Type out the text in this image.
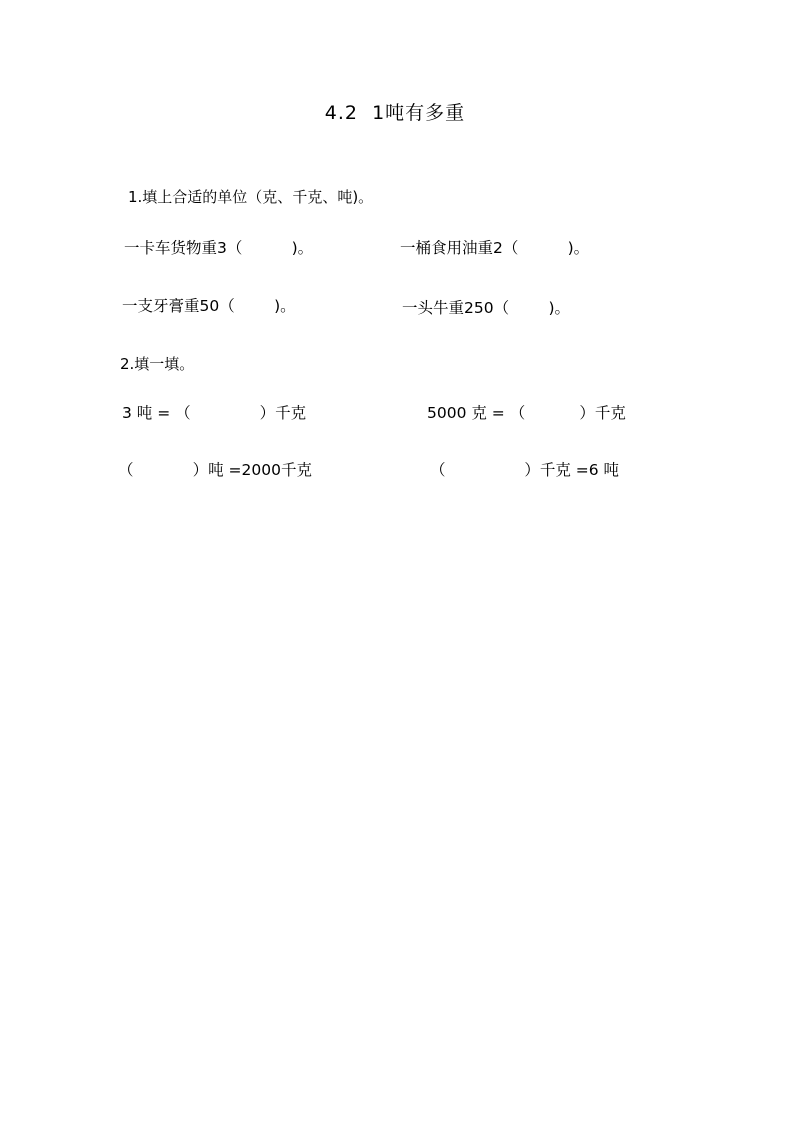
4.2  1吨有多重
1.填上合适的单位（克、千克、吨)。
一卡车货物重3（          )。	一桶食用油重2（          )。
一支牙膏重50（        )。	一头牛重250（        )。
2.填一填。
3 吨 = （              ）千克	5000 克 = （           ）千克
（            ）吨 =2000千克	（                ）千克 =6 吨
